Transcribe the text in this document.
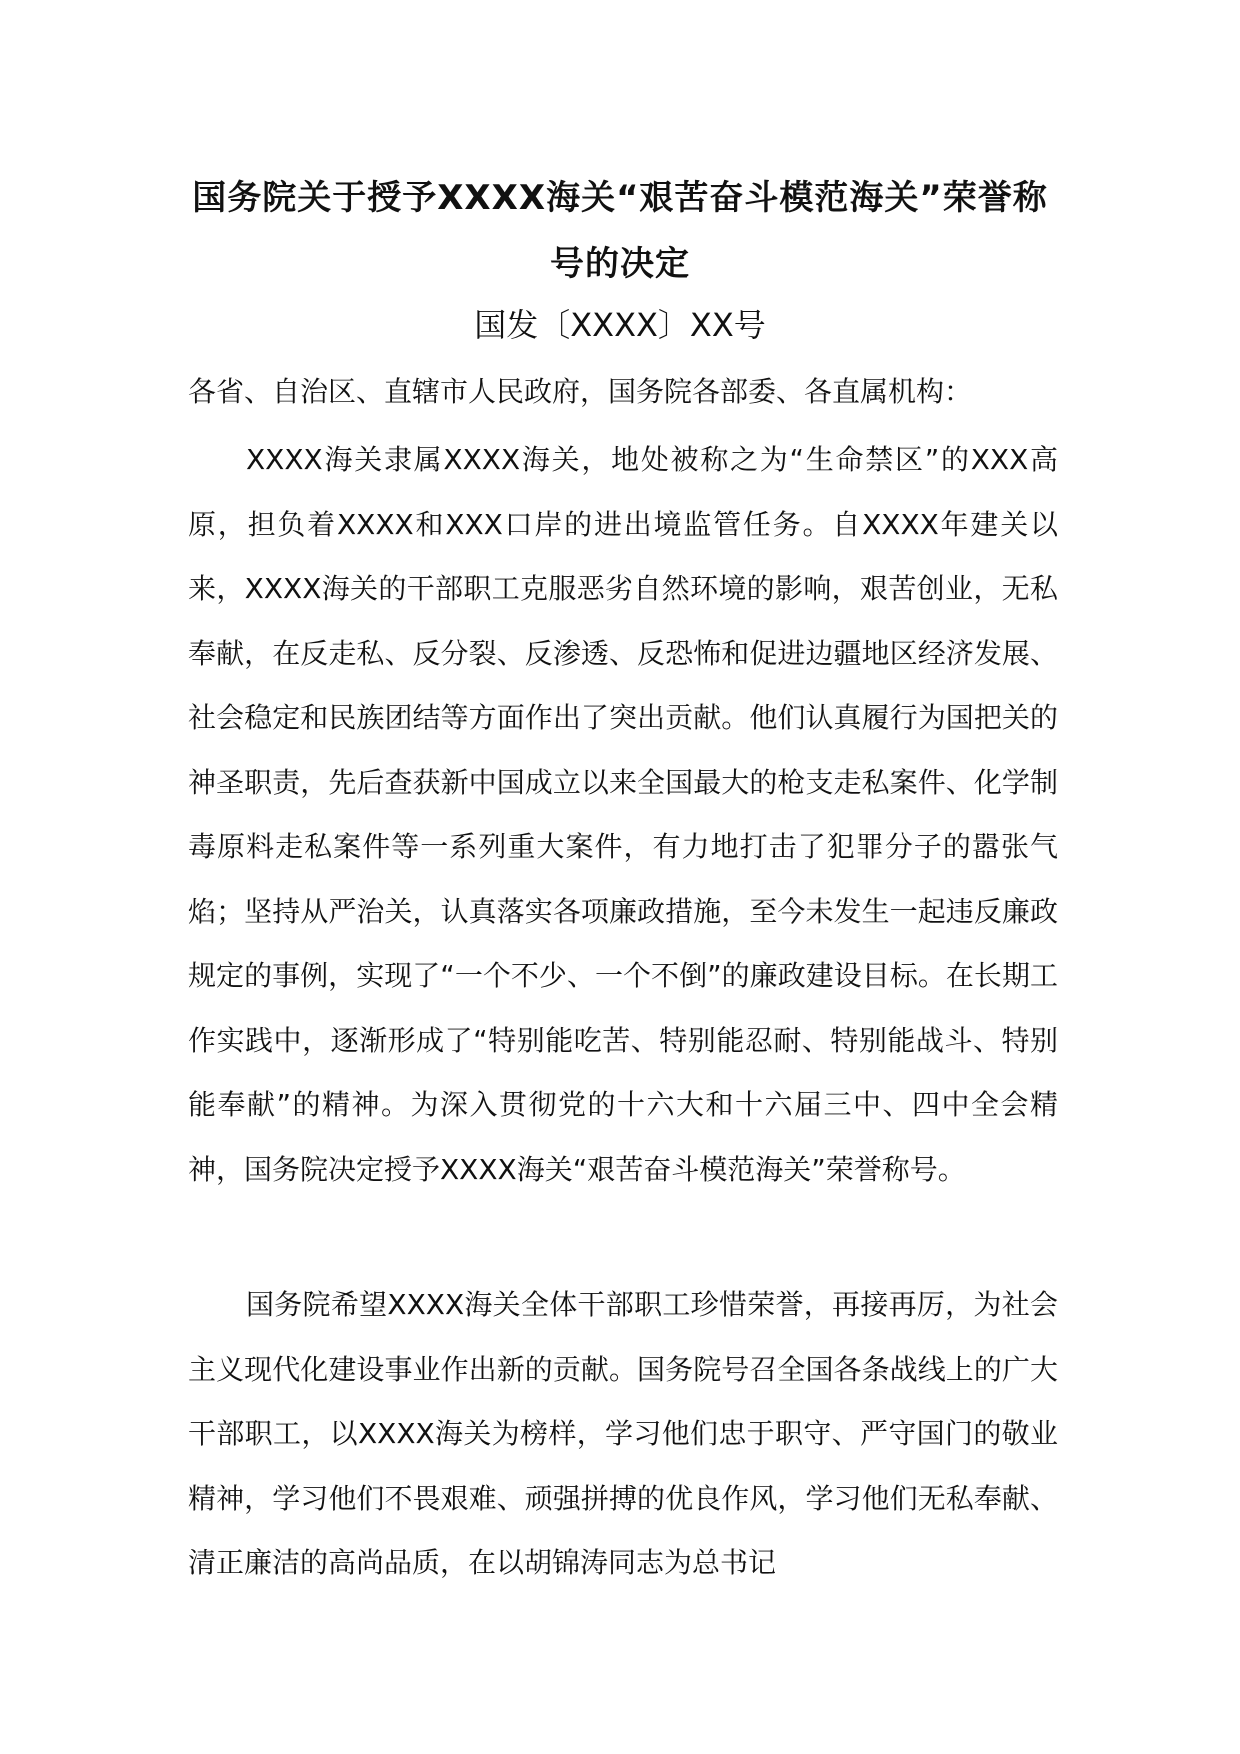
国务院关于授予XXXX海关“艰苦奋斗模范海关”荣誉称号的决定

国发〔XXXX〕XX号

各省、自治区、直辖市人民政府，国务院各部委、各直属机构：

XXXX海关隶属XXXX海关，地处被称之为“生命禁区”的XXX高原，担负着XXXX和XXX口岸的进出境监管任务。自XXXX年建关以来，XXXX海关的干部职工克服恶劣自然环境的影响，艰苦创业，无私奉献，在反走私、反分裂、反渗透、反恐怖和促进边疆地区经济发展、社会稳定和民族团结等方面作出了突出贡献。他们认真履行为国把关的神圣职责，先后查获新中国成立以来全国最大的枪支走私案件、化学制毒原料走私案件等一系列重大案件，有力地打击了犯罪分子的嚣张气焰；坚持从严治关，认真落实各项廉政措施，至今未发生一起违反廉政规定的事例，实现了“一个不少、一个不倒”的廉政建设目标。在长期工作实践中，逐渐形成了“特别能吃苦、特别能忍耐、特别能战斗、特别能奉献”的精神。为深入贯彻党的十六大和十六届三中、四中全会精神，国务院决定授予XXXX海关“艰苦奋斗模范海关”荣誉称号。

国务院希望XXXX海关全体干部职工珍惜荣誉，再接再厉，为社会主义现代化建设事业作出新的贡献。国务院号召全国各条战线上的广大干部职工，以XXXX海关为榜样，学习他们忠于职守、严守国门的敬业精神，学习他们不畏艰难、顽强拼搏的优良作风，学习他们无私奉献、清正廉洁的高尚品质，在以胡锦涛同志为总书记
